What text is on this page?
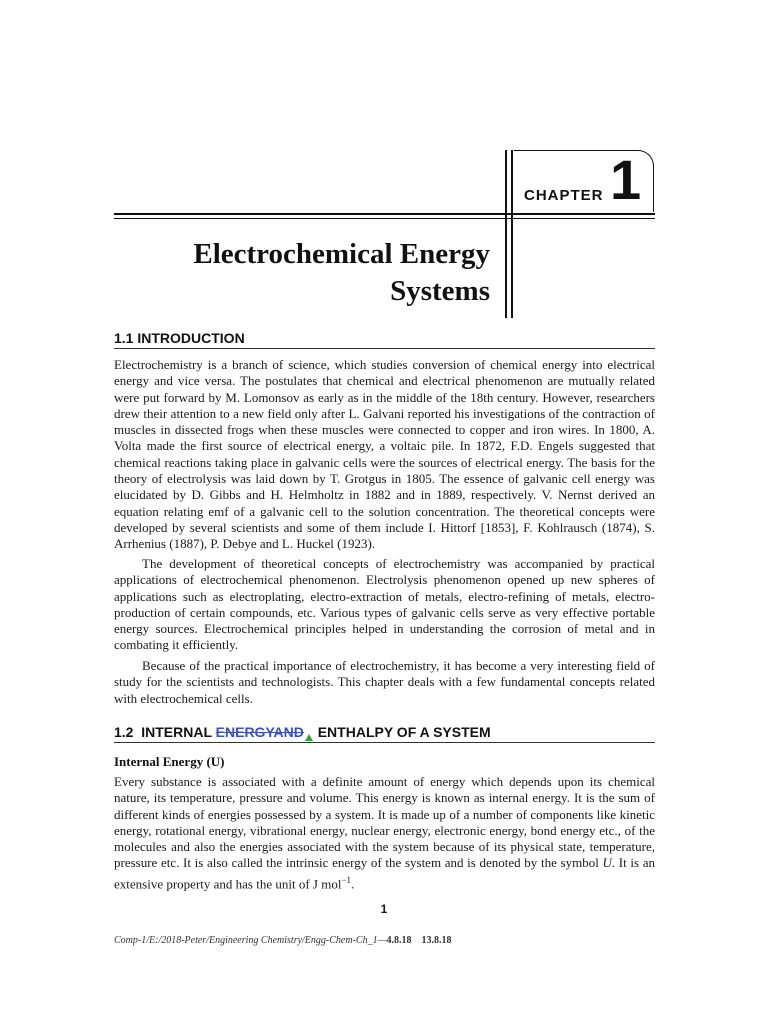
CHAPTER 1
Electrochemical Energy
Systems
1.1 INTRODUCTION

Electrochemistry is a branch of science, which studies conversion of chemical energy into electrical energy and vice versa. The postulates that chemical and electrical phenomenon are mutually related were put forward by M. Lomonsov as early as in the middle of the 18th century. However, researchers drew their attention to a new field only after L. Galvani reported his investigations of the contraction of muscles in dissected frogs when these muscles were connected to copper and iron wires. In 1800, A. Volta made the first source of electrical energy, a voltaic pile. In 1872, F.D. Engels suggested that chemical reactions taking place in galvanic cells were the sources of electrical energy. The basis for the theory of electrolysis was laid down by T. Grotgus in 1805. The essence of galvanic cell energy was elucidated by D. Gibbs and H. Helmholtz in 1882 and in 1889, respectively. V. Nernst derived an equation relating emf of a galvanic cell to the solution concentration. The theoretical concepts were developed by several scientists and some of them include I. Hittorf [1853], F. Kohlrausch (1874), S. Arrhenius (1887), P. Debye and L. Huckel (1923).

The development of theoretical concepts of electrochemistry was accompanied by practical applications of electrochemical phenomenon. Electrolysis phenomenon opened up new spheres of applications such as electroplating, electro-extraction of metals, electro-refining of metals, electro-production of certain compounds, etc. Various types of galvanic cells serve as very effective portable energy sources. Electrochemical principles helped in understanding the corrosion of metal and in combating it efficiently.

Because of the practical importance of electrochemistry, it has become a very interesting field of study for the scientists and technologists. This chapter deals with a few fundamental concepts related with electrochemical cells.

1.2  INTERNAL ENERGYAND ENTHALPY OF A SYSTEM
Internal Energy (U)

Every substance is associated with a definite amount of energy which depends upon its chemical nature, its temperature, pressure and volume. This energy is known as internal energy. It is the sum of different kinds of energies possessed by a system. It is made up of a number of components like kinetic energy, rotational energy, vibrational energy, nuclear energy, electronic energy, bond energy etc., of the molecules and also the energies associated with the system because of its physical state, temperature, pressure etc. It is also called the intrinsic energy of the system and is denoted by the symbol U. It is an extensive property and has the unit of J mol$^{-1}$.

1
Comp-1/E:/2018-Peter/Engineering Chemistry/Engg-Chem-Ch_1—4.8.18 13.8.18
